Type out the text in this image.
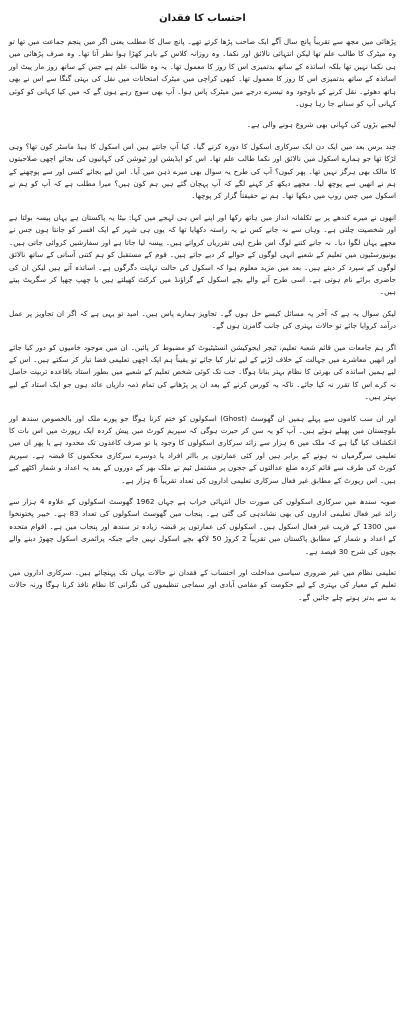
احتساب کا فقدان

پڑھائی میں مجھ سے تقریباً پانچ سال آگے ایک صاحب پڑھا کرتے تھے۔ پانچ سال کا مطلب یعنی اگر میں پنجم جماعت میں تھا تو وہ میٹرک کا طالب علم تھا لیکن انتہائی نالائق اور نکما۔ وہ روزانہ کلاس کے باہر کھڑا ہوا نظر آتا تھا۔ وہ صرف پڑھائی میں ہی نکما نہیں تھا بلکہ اساتذہ کے ساتھ بدتمیزی اس کا روز کا معمول تھا۔ یہ وہ طالب علم ہے جس کے ساتھ روز مار پیٹ اور اساتذہ کے ساتھ بدتمیزی اس کا روز کا معمول تھا۔ کبھی کراچی میں میٹرک امتحانات میں نقل کی بہتی گنگا سے اس نے بھی ہاتھ دھوئے۔ نقل کرنے کے باوجود وہ تیسرے درجے میں میٹرک پاس ہوا۔ آپ بھی سوچ رہے ہوں گے کہ میں کیا کہانی کو کوئی کہانی آپ کو سنانے جا رہا ہوں۔

لیجیے بڑوں کی کہانی بھی شروع ہونے والی ہے۔

چند برس بعد میں ایک دن ایک سرکاری اسکول کا دورہ کرنے گیا۔ کیا آپ جانتے ہیں اس اسکول کا ہیڈ ماسٹر کون تھا؟ وہی لڑکا تھا جو ہمارے اسکول میں نالائق اور نکما طالب علم تھا۔ اس کو ایڈیشن اور ٹیوشن کی کہانیوں کی بجائے اچھی صلاحیتوں کا مالک بھی ہرگز نہیں تھا۔ پھر کیوں؟ آپ کی طرح یہ سوال بھی میرے ذہن میں آیا۔ اس لیے بجائے کسی اور سے پوچھنے کے ہم نے انھیں سے پوچھ لیا۔ مجھے دیکھ کر کہنے لگے کہ آپ پہچان گئے ہیں ہم کون ہیں؟ میرا مطلب ہے کہ آپ کو ہم نے اسکول میں جس روپ میں دیکھا تھا۔ ہم نے حقیقتاً گزار کر پوچھا۔

انھوں نے میرے کندھے پر بے تکلفانہ انداز میں ہاتھ رکھا اور اپنے اس ہی لہجے میں کہا: بیٹا یہ پاکستان ہے یہاں پیسہ بولتا ہے اور شخصیت چلتی ہے۔ وہاں سے نہ جانے کس نے یہ راستہ دکھایا تھا کہ یوں ہی شہر کے ایک افسر کو جانتا ہوں جس نے مجھے یہاں لگوا دیا۔ نہ جانے کتنے لوگ اس طرح اپنی تقرریاں کرواتے ہیں۔ پیسہ لیا جاتا ہے اور سفارشیں کروائی جاتی ہیں۔ یونیورسٹیوں میں تعلیم کے شعبے انہی لوگوں کے حوالے کر دیے جاتے ہیں۔ قوم کے مستقبل کو ہم کتنی آسانی کے ساتھ نالائق لوگوں کے سپرد کر دیتے ہیں۔ بعد میں مزید معلوم ہوا کہ اسکول کی حالت نہایت دگرگوں ہے۔ اساتذہ آتے ہیں لیکن ان کی حاضری برائے نام ہوتی ہے۔ اسی طرح آنے والے بچے اسکول کے گراؤنڈ میں کرکٹ کھیلتے ہیں یا چھپ چھپا کر سگریٹ پیتے ہیں۔

لیکن سوال یہ ہے کہ آخر یہ مسائل کیسے حل ہوں گے۔ تجاویز ہمارے پاس ہیں۔ امید تو یہی ہے کہ اگر ان تجاویز پر عمل درآمد کروایا جائے تو حالات بہتری کی جانب گامزن ہوں گے۔

اگر ہم جامعات میں قائم شعبۂ تعلیم، ٹیچر ایجوکیشن انسٹیٹیوٹ کو مضبوط کر پائیں۔ ان میں موجود خامیوں کو دور کیا جائے اور انھیں معاشرے میں جہالت کے خلاف لڑنے کے لیے تیار کیا جائے تو یقیناً ہم ایک اچھی تعلیمی فضا تیار کر سکتے ہیں۔ اس کے لیے ہمیں اساتذہ کی بھرتی کا نظام بہتر بنانا ہوگا۔ جب تک کوئی شخص تعلیم کے شعبے میں بطور استاد باقاعدہ تربیت حاصل نہ کرے اس کا تقرر نہ کیا جائے۔ تاکہ یہ کورس کرنے کے بعد ان پر پڑھانے کی تمام ذمہ داریاں عائد ہوں جو ایک استاد کے لیے بہتر ہیں۔

اور ان سب کاموں سے پہلے ہمیں ان گھوسٹ (Ghost) اسکولوں کو ختم کرنا ہوگا جو پورے ملک اور بالخصوص سندھ اور بلوچستان میں پھیلے ہوئے ہیں۔ آپ کو یہ سن کر حیرت ہوگی کہ سپریم کورٹ میں پیش کردہ ایک رپورٹ میں اس بات کا انکشاف کیا گیا ہے کہ ملک میں 6 ہزار سے زائد سرکاری اسکولوں کا وجود یا تو صرف کاغذوں تک محدود ہے یا پھر ان میں تعلیمی سرگرمیاں نہ ہونے کے برابر ہیں اور کئی عمارتوں پر بااثر افراد یا دوسرے سرکاری محکموں کا قبضہ ہے۔ سپریم کورٹ کی طرف سے قائم کردہ ضلع عدالتوں کے ججوں پر مشتمل ٹیم نے ملک بھر کے دوروں کے بعد یہ اعداد و شمار اکٹھے کیے ہیں۔ اس رپورٹ کے مطابق غیر فعال سرکاری تعلیمی اداروں کی تعداد تقریباً 6 ہزار ہے۔

صوبہ سندھ میں سرکاری اسکولوں کی صورت حال انتہائی خراب ہے جہاں 1962 گھوسٹ اسکولوں کے علاوہ 4 ہزار سے زائد غیر فعال تعلیمی اداروں کی بھی نشاندہی کی گئی ہے۔ پنجاب میں گھوسٹ اسکولوں کی تعداد 83 ہے۔ خیبر پختونخوا میں 1300 کے قریب غیر فعال اسکول ہیں۔ اسکولوں کی عمارتوں پر قبضہ زیادہ تر سندھ اور پنجاب میں ہے۔ اقوام متحدہ کے اعداد و شمار کے مطابق پاکستان میں تقریباً 2 کروڑ 50 لاکھ بچے اسکول نہیں جاتے جبکہ پرائمری اسکول چھوڑ دینے والے بچوں کی شرح 30 فیصد ہے۔

تعلیمی نظام میں غیر ضروری سیاسی مداخلت اور احتساب کے فقدان نے حالات یہاں تک پہنچائے ہیں۔ سرکاری اداروں میں تعلیم کے معیار کی بہتری کے لیے حکومت کو مقامی آبادی اور سماجی تنظیموں کی نگرانی کا نظام نافذ کرنا ہوگا ورنہ حالات بد سے بدتر ہوتے چلے جائیں گے۔
